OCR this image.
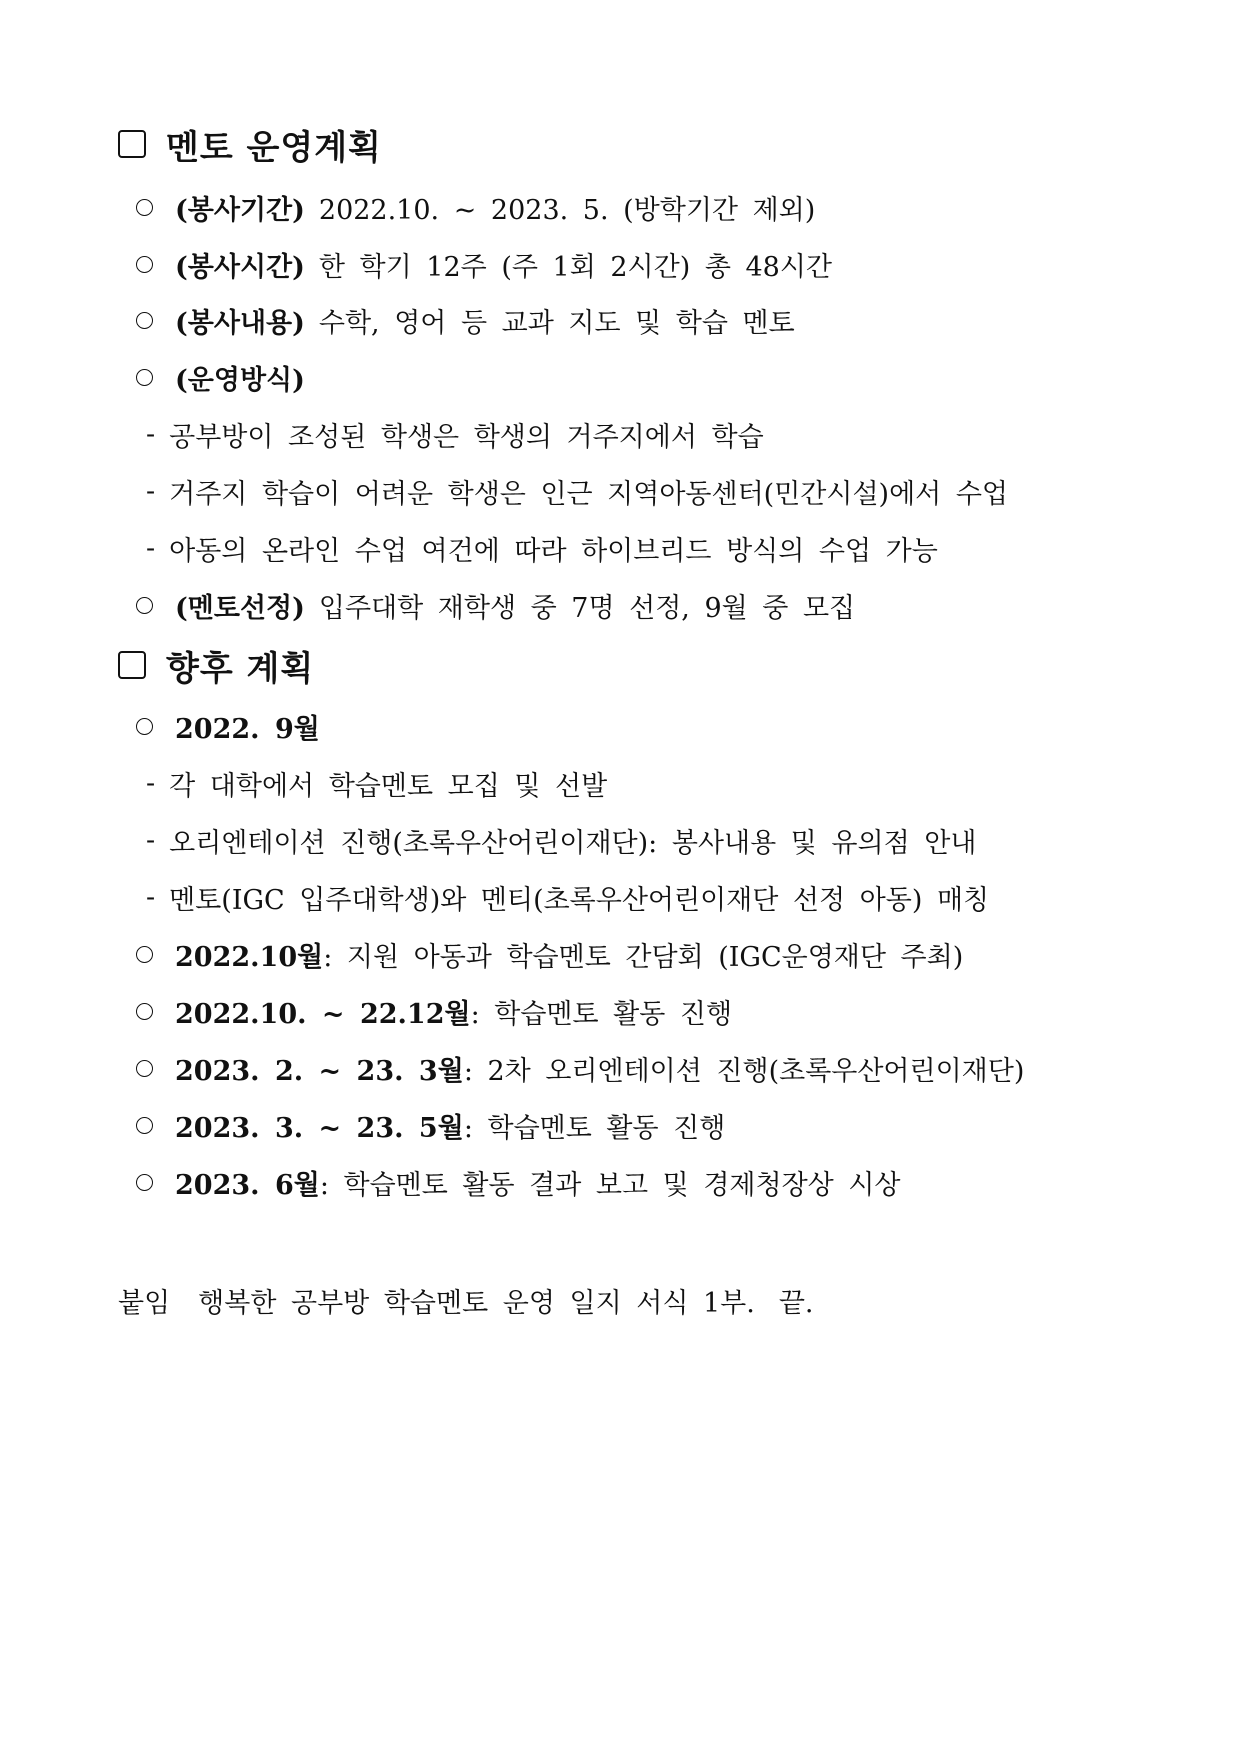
멘토 운영계획
(봉사기간) 2022.10. ~ 2023. 5. (방학기간 제외)
(봉사시간) 한 학기 12주 (주 1회 2시간) 총 48시간
(봉사내용) 수학, 영어 등 교과 지도 및 학습 멘토
(운영방식)
- 공부방이 조성된 학생은 학생의 거주지에서 학습
- 거주지 학습이 어려운 학생은 인근 지역아동센터(민간시설)에서 수업
- 아동의 온라인 수업 여건에 따라 하이브리드 방식의 수업 가능
(멘토선정) 입주대학 재학생 중 7명 선정, 9월 중 모집
향후 계획
2022. 9월
- 각 대학에서 학습멘토 모집 및 선발
- 오리엔테이션 진행(초록우산어린이재단): 봉사내용 및 유의점 안내
- 멘토(IGC 입주대학생)와 멘티(초록우산어린이재단 선정 아동) 매칭
2022.10월 : 지원 아동과 학습멘토 간담회 (IGC운영재단 주최)
2022.10. ~ 22.12월 : 학습멘토 활동 진행
2023. 2. ~ 23. 3월 : 2차 오리엔테이션 진행(초록우산어린이재단)
2023. 3. ~ 23. 5월 : 학습멘토 활동 진행
2023. 6월 : 학습멘토 활동 결과 보고 및 경제청장상 시상
붙임 행복한 공부방 학습멘토 운영 일지 서식 1부. 끝.
